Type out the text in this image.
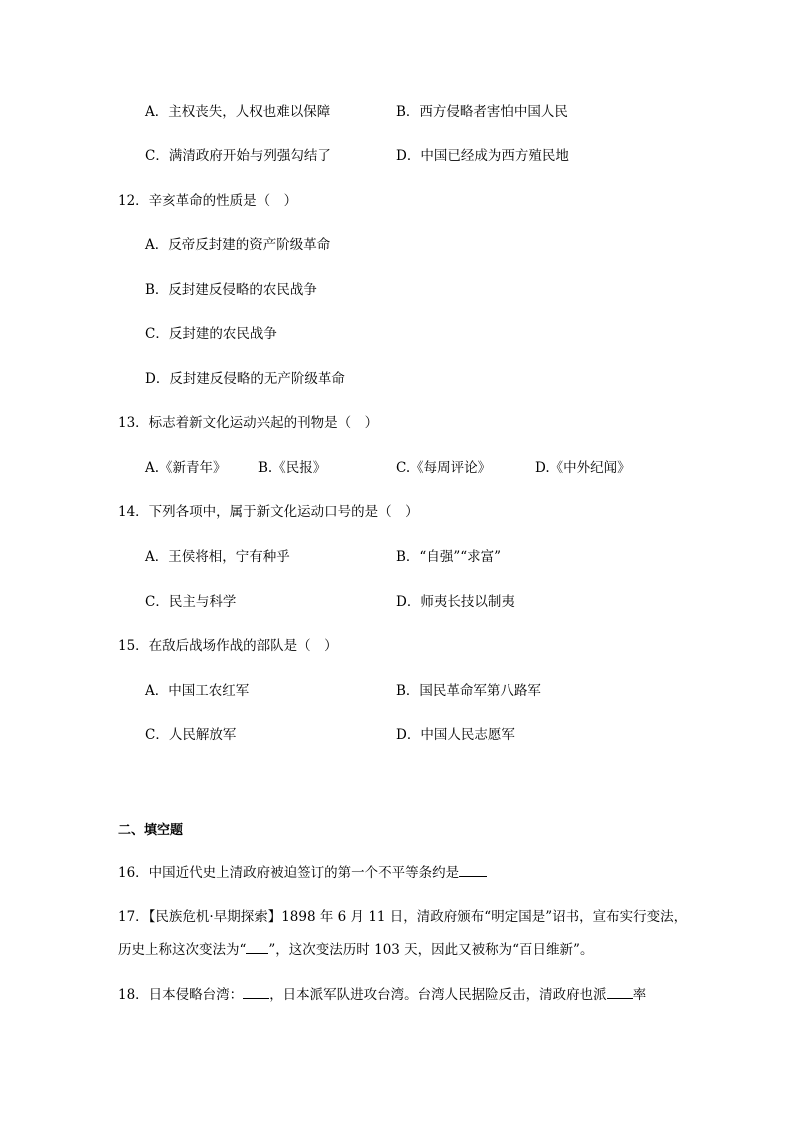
A．主权丧失，人权也难以保障	B．西方侵略者害怕中国人民
C．满清政府开始与列强勾结了	D．中国已经成为西方殖民地
12．辛亥革命的性质是（　）
A．反帝反封建的资产阶级革命
B．反封建反侵略的农民战争
C．反封建的农民战争
D．反封建反侵略的无产阶级革命
13．标志着新文化运动兴起的刊物是（　）
A.《新青年》 B.《民报》	C.《每周评论》	D.《中外纪闻》
14．下列各项中，属于新文化运动口号的是（　）
A．王侯将相，宁有种乎	B．“自强”“求富”
C．民主与科学	D．师夷长技以制夷
15．在敌后战场作战的部队是（　）
A．中国工农红军	B．国民革命军第八路军
C．人民解放军	D．中国人民志愿军
二、填空题
16．中国近代史上清政府被迫签订的第一个不平等条约是
17．【民族危机·早期探索】1898 年 6 月 11 日，清政府颁布“明定国是”诏书，宣布实行变法，
历史上称这次变法为“ ”，这次变法历时 103 天，因此又被称为“百日维新”。
18．日本侵略台湾： ，日本派军队进攻台湾。台湾人民据险反击，清政府也派 率
